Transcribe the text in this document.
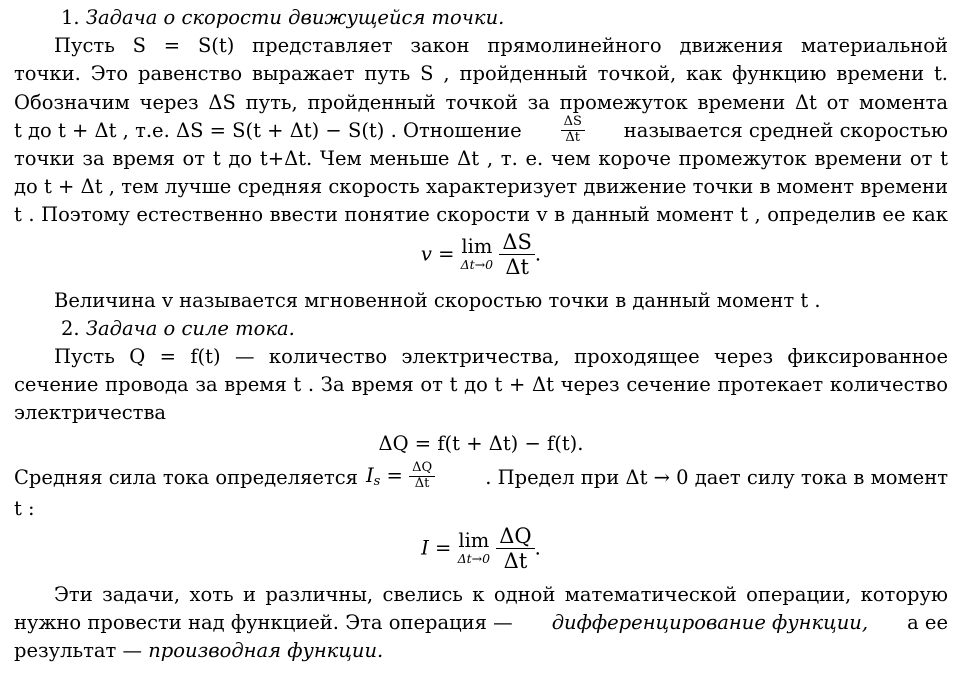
1. Задача о скорости движущейся точки.
Пусть S = S(t) представляет закон прямолинейного движения материальной
точки. Это равенство выражает путь S , пройденный точкой, как функцию времени t.
Обозначим через ΔS путь, пройденный точкой за промежуток времени Δt от момента
t до t + Δt , т.е. ΔS = S(t + Δt) − S(t) . Отношение	$\frac{\Delta S}{\Delta t}$ называется средней скоростью
точки за время от t до t+Δt. Чем меньше Δt , т. е. чем короче промежуток времени от t
до t + Δt , тем лучше средняя скорость характеризует движение точки в момент времени
t . Поэтому естественно ввести понятие скорости v в данный момент t , определив ее как
v = lim
Δt→0
$\frac{\Delta S}{\Delta t}$ .
Величина v называется мгновенной скоростью точки в данный момент t .
2. Задача о силе тока.
Пусть Q = f(t) — количество электричества, проходящее через фиксированное
сечение провода за время t . За время от t до t + Δt через сечение протекает количество
электричества
ΔQ = f(t + Δt) − f(t).
Средняя сила тока определяется $I_s = \frac{\Delta Q}{\Delta t}$	. Предел при Δt → 0 дает силу тока в момент
t :
I = lim
Δt→0
$\frac{\Delta Q}{\Delta t}$ .
Эти задачи, хоть и различны, свелись к одной математической операции, которую
нужно провести над функцией. Эта операция — дифференцирование функции, а ее
результат — производная функции.
